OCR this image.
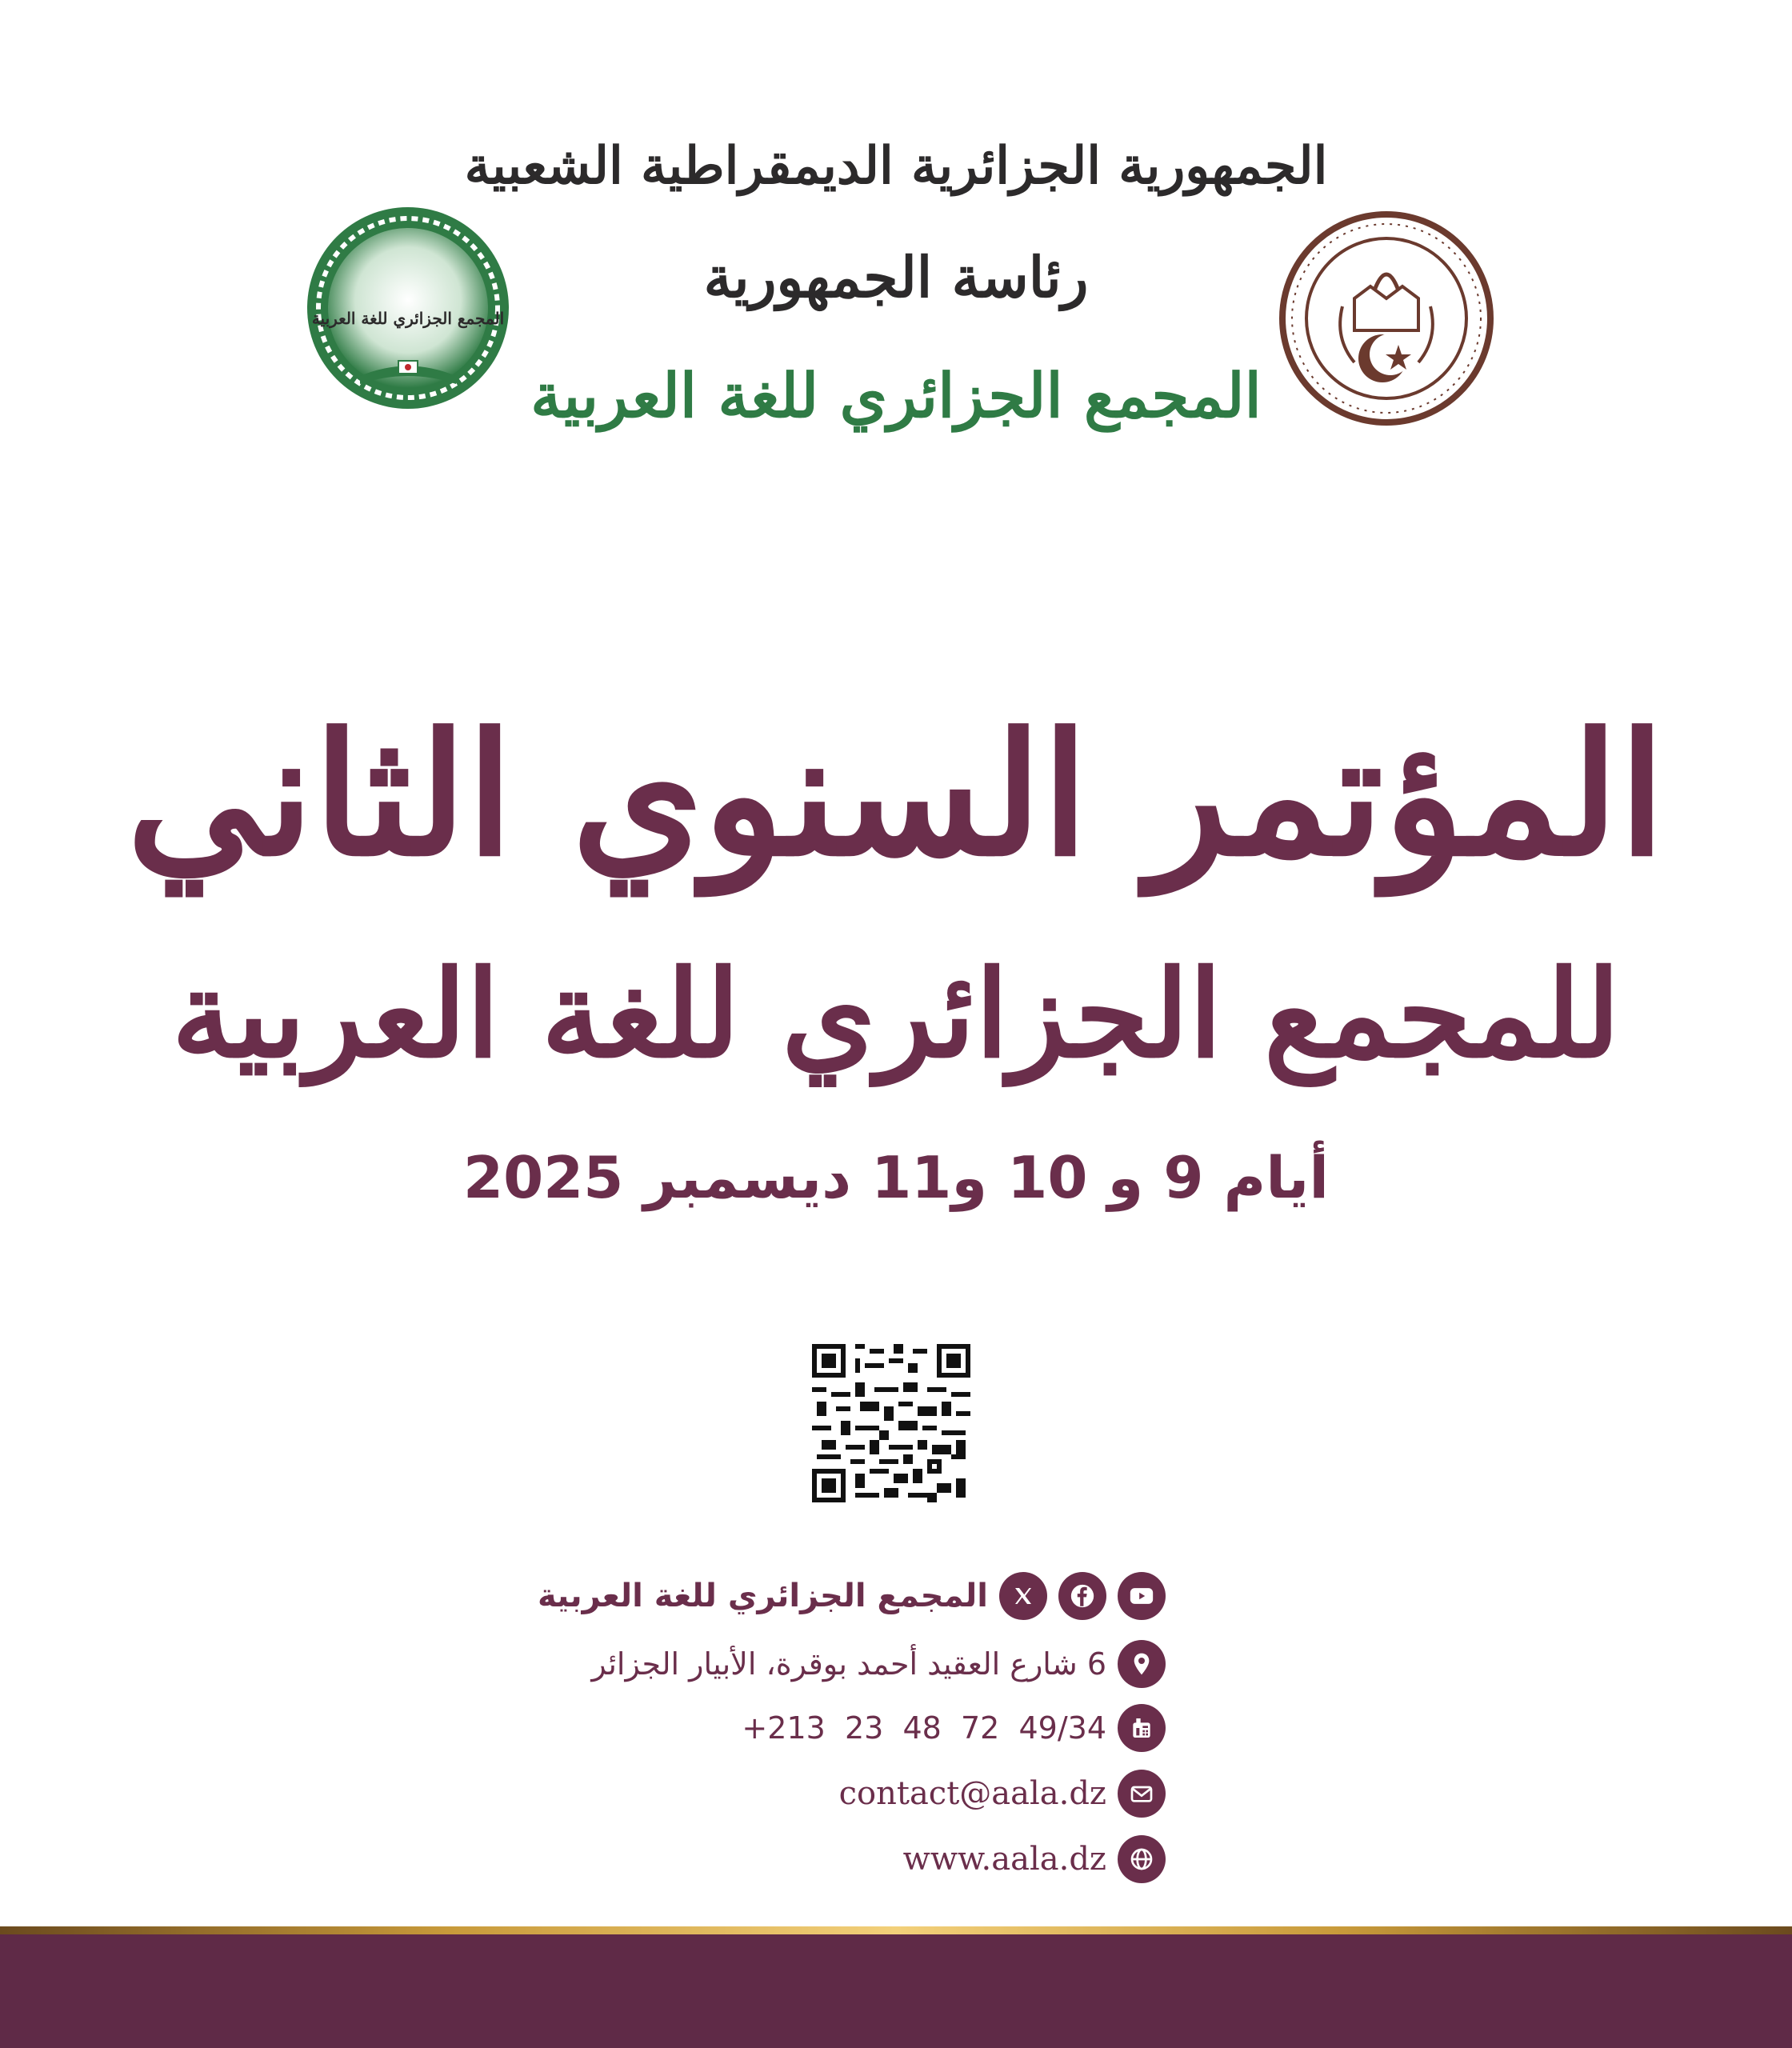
الجمهورية الجزائرية الديمقراطية الشعبية
رئاسة الجمهورية
المجمع الجزائري للغة العربية
المجمع الجزائري للغة العربية
المؤتمر السنوي الثاني
للمجمع الجزائري للغة العربية
أيام 9 و 10 و11 ديسمبر 2025
المجمع الجزائري للغة العربية
6 شارع العقيد أحمد بوقرة، الأبيار الجزائر
+213  23  48  72  49/34
contact@aala.dz
www.aala.dz
